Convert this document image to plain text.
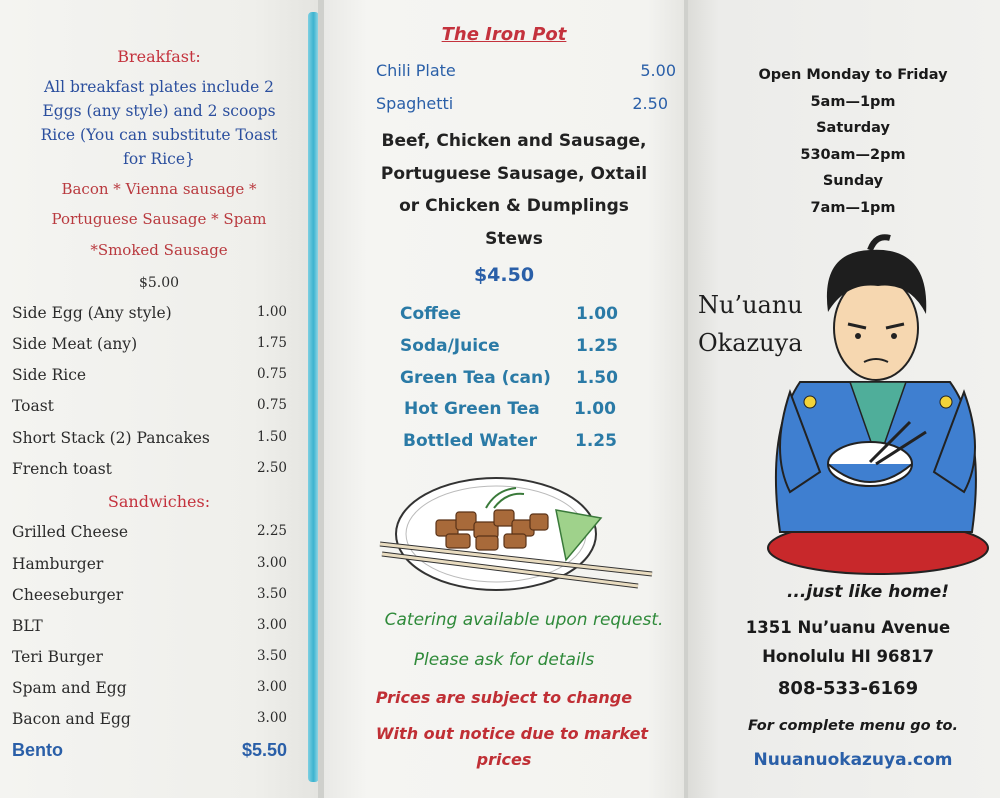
Breakfast:
All breakfast plates include 2
Eggs (any style) and 2 scoops
Rice (You can substitute Toast
for Rice}
Bacon * Vienna sausage *
Portuguese Sausage * Spam
*Smoked Sausage
$5.00
Side Egg (Any style)	1.00
Side Meat (any)	1.75
Side Rice	0.75
Toast	0.75
Short Stack (2) Pancakes	1.50
French toast	2.50
Sandwiches:
Grilled Cheese	2.25
Hamburger	3.00
Cheeseburger	3.50
BLT	3.00
Teri Burger	3.50
Spam and Egg	3.00
Bacon and Egg	3.00
Bento	$5.50
The Iron Pot
Chili Plate	5.00
Spaghetti	2.50
Beef, Chicken and Sausage,
Portuguese Sausage, Oxtail
or Chicken & Dumplings
Stews
$4.50
Coffee	1.00
Soda/Juice	1.25
Green Tea (can) 1.50
Hot Green Tea 1.00
Bottled Water 1.25
Catering available upon request.
Please ask for details
Prices are subject to change
With out notice due to market
prices
Open Monday to Friday
5am—1pm
Saturday
530am—2pm
Sunday
7am—1pm
Nu’uanu
Okazuya
...just like home!
1351 Nu’uanu Avenue
Honolulu HI 96817
808-533-6169
For complete menu go to.
Nuuanuokazuya.com
